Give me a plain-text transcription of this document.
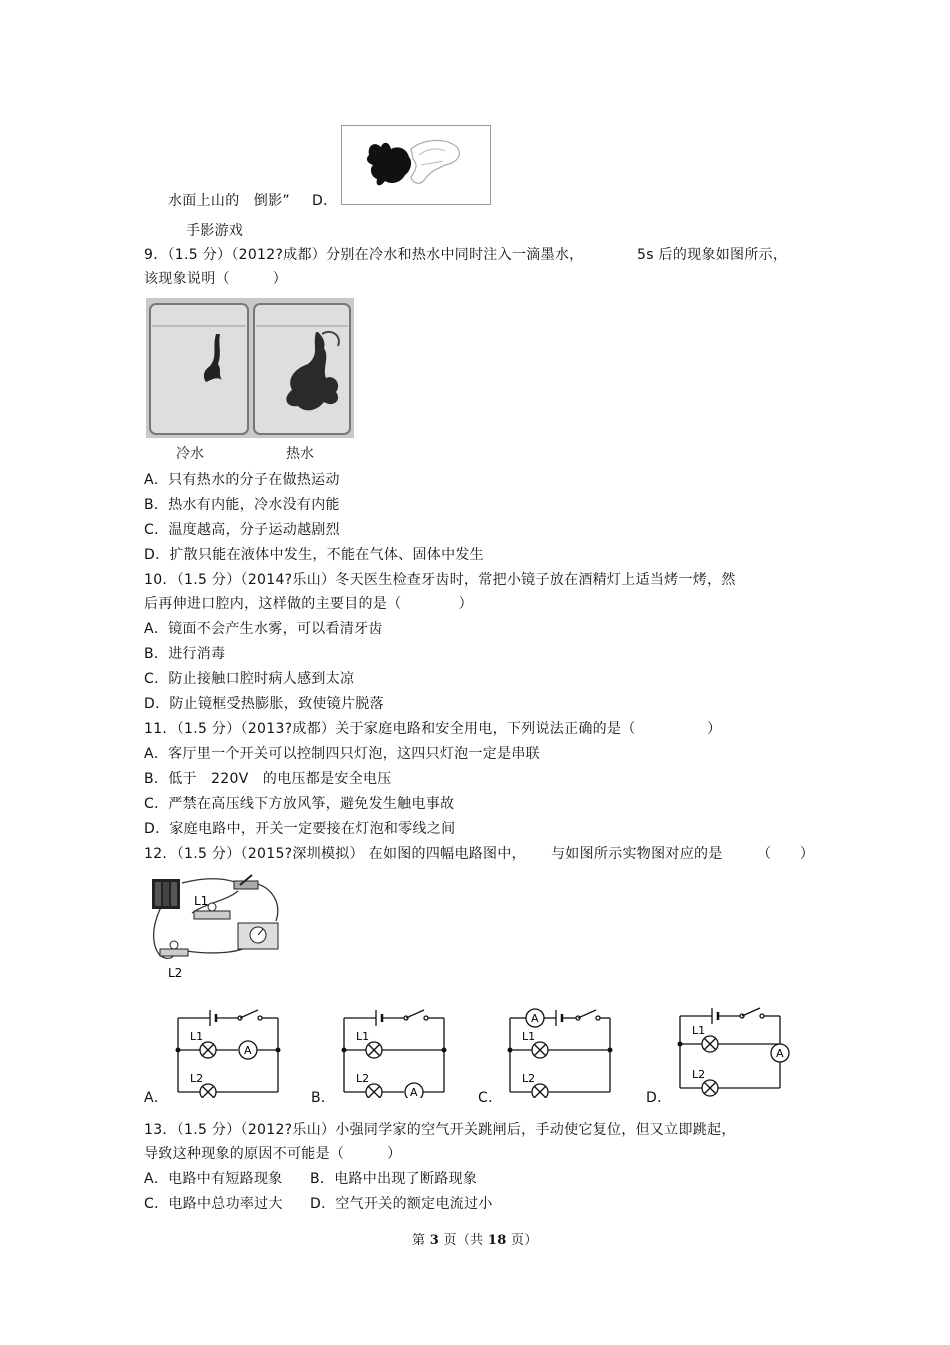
水面上山的　倒影” D．
手影游戏
9．（1.5 分）（2012?成都）分别在冷水和热水中同时注入一滴墨水，	5s 后的现象如图所示，
该现象说明（　　　）
冷水	热水
A．只有热水的分子在做热运动
B．热水有内能，冷水没有内能
C．温度越高，分子运动越剧烈
D．扩散只能在液体中发生，不能在气体、固体中发生
10．（1.5 分）（2014?乐山）冬天医生检查牙齿时，常把小镜子放在酒精灯上适当烤一烤，然
后再伸进口腔内，这样做的主要目的是（　　　　）
A．镜面不会产生水雾，可以看清牙齿
B．进行消毒
C．防止接触口腔时病人感到太凉
D．防止镜框受热膨胀，致使镜片脱落
11．（1.5 分）（2013?成都）关于家庭电路和安全用电，下列说法正确的是（　　　　　）
A．客厅里一个开关可以控制四只灯泡，这四只灯泡一定是串联
B．低于　220V　的电压都是安全电压
C．严禁在高压线下方放风筝，避免发生触电事故
D．家庭电路中，开关一定要接在灯泡和零线之间
12．（1.5 分）（2015?深圳模拟） 在如图的四幅电路图中， 与如图所示实物图对应的是 （　　）
L1
L2
A．	B．	C．	D．
A
L1
L2
A
L1
L2
A
L1
L2
A
L1
L2
13．（1.5 分）（2012?乐山）小强同学家的空气开关跳闸后，手动使它复位，但又立即跳起，
导致这种现象的原因不可能是（　　　）
A．电路中有短路现象 B．电路中出现了断路现象
C．电路中总功率过大 D．空气开关的额定电流过小
第 3 页（共 18 页）
